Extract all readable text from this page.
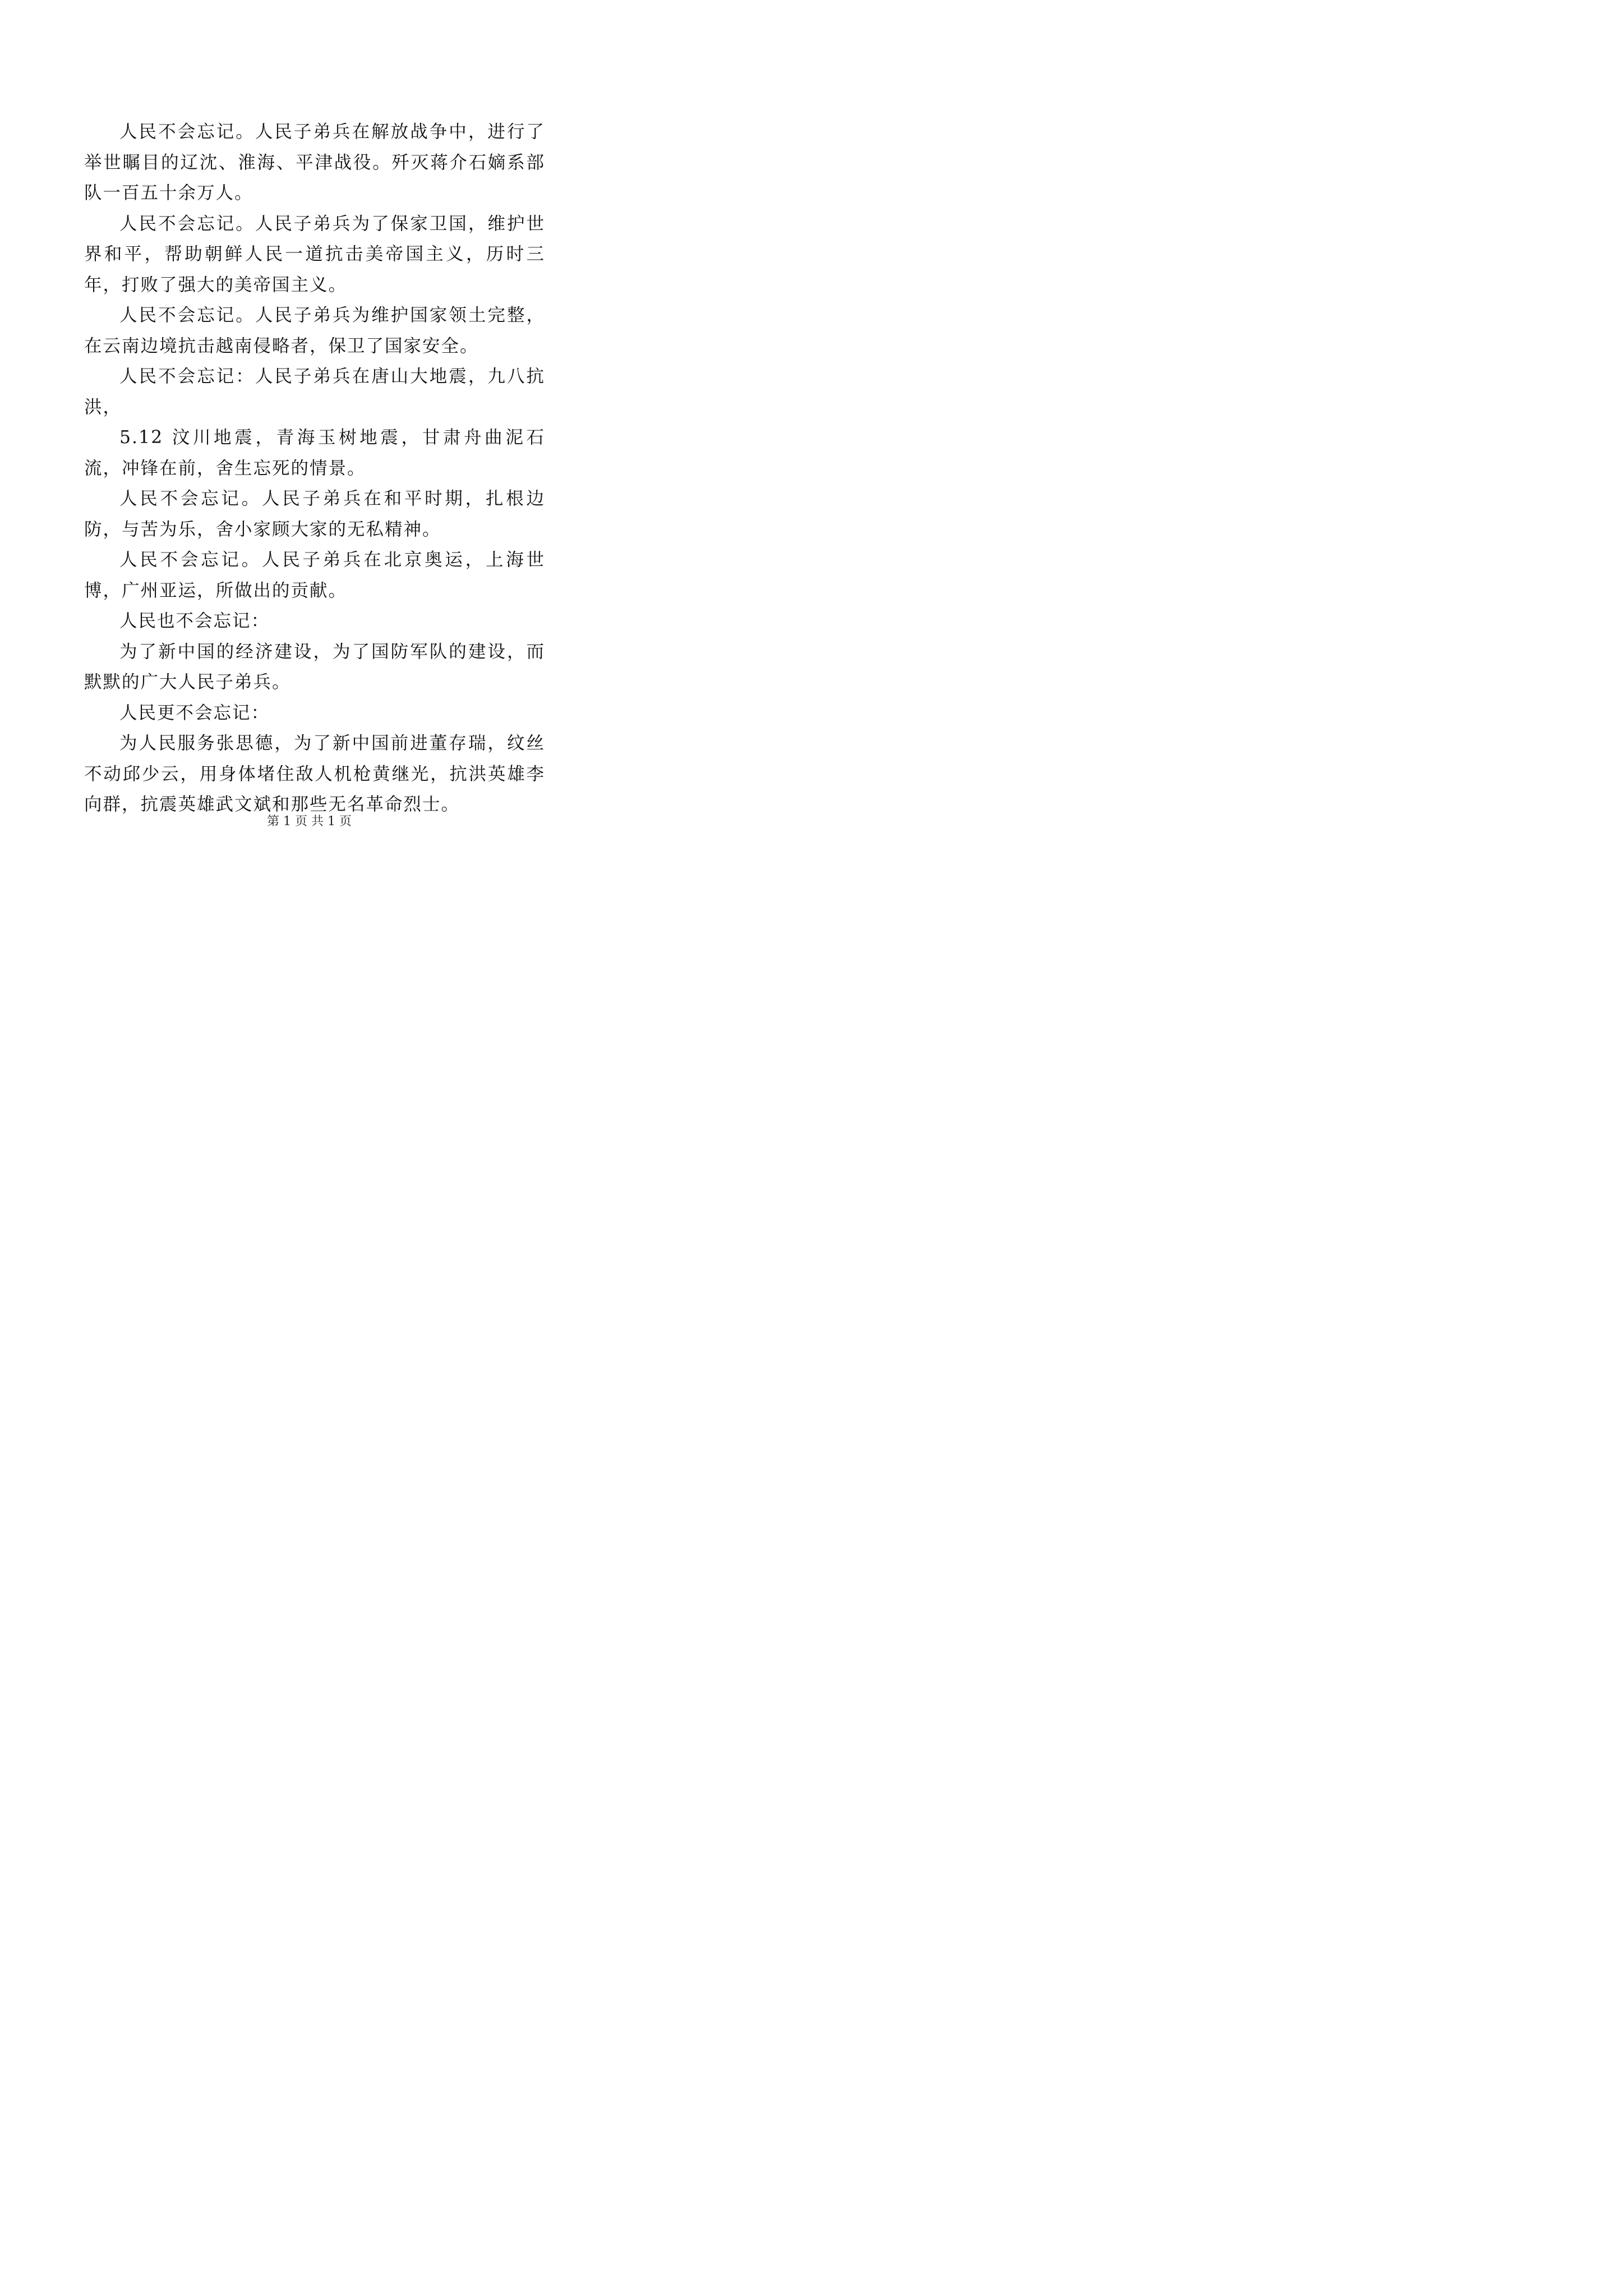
人民不会忘记。人民子弟兵在解放战争中，进行了举世瞩目的辽沈、淮海、平津战役。歼灭蒋介石嫡系部队一百五十余万人。

人民不会忘记。人民子弟兵为了保家卫国，维护世界和平，帮助朝鲜人民一道抗击美帝国主义，历时三年，打败了强大的美帝国主义。

人民不会忘记。人民子弟兵为维护国家领土完整，在云南边境抗击越南侵略者，保卫了国家安全。

人民不会忘记：人民子弟兵在唐山大地震，九八抗洪，

5.12 汶川地震，青海玉树地震，甘肃舟曲泥石流，冲锋在前，舍生忘死的情景。

人民不会忘记。人民子弟兵在和平时期，扎根边防，与苦为乐，舍小家顾大家的无私精神。

人民不会忘记。人民子弟兵在北京奥运，上海世博，广州亚运，所做出的贡献。

人民也不会忘记：

为了新中国的经济建设，为了国防军队的建设，而默默的广大人民子弟兵。

人民更不会忘记：

为人民服务张思德，为了新中国前进董存瑞，纹丝不动邱少云，用身体堵住敌人机枪黄继光，抗洪英雄李向群，抗震英雄武文斌和那些无名革命烈士。

第 1 页 共 1 页
